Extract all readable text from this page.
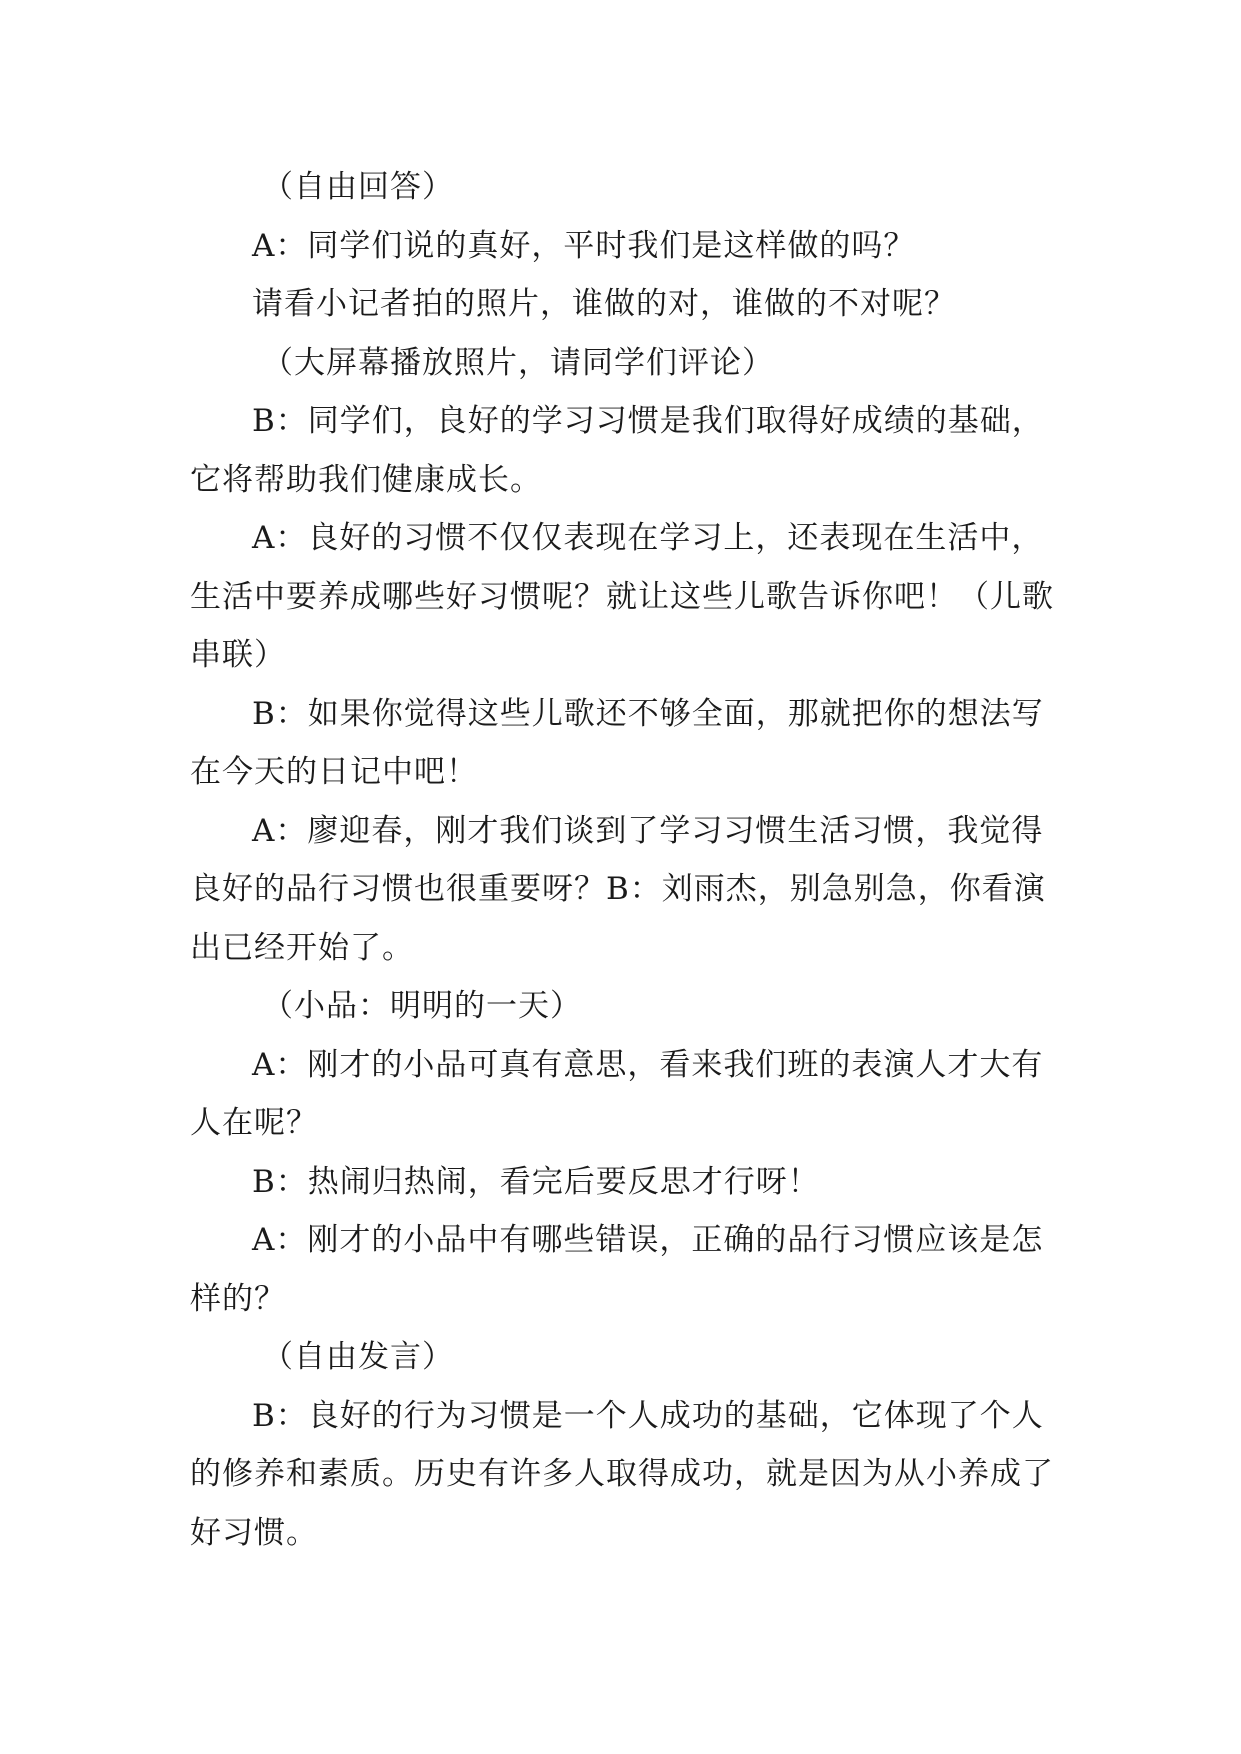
（自由回答）

A：同学们说的真好，平时我们是这样做的吗？

请看小记者拍的照片，谁做的对，谁做的不对呢？

（大屏幕播放照片，请同学们评论）

B：同学们，良好的学习习惯是我们取得好成绩的基础，它将帮助我们健康成长。

A：良好的习惯不仅仅表现在学习上，还表现在生活中，生活中要养成哪些好习惯呢？就让这些儿歌告诉你吧！（儿歌串联）

B：如果你觉得这些儿歌还不够全面，那就把你的想法写在今天的日记中吧！

A：廖迎春，刚才我们谈到了学习习惯生活习惯，我觉得良好的品行习惯也很重要呀？B：刘雨杰，别急别急，你看演出已经开始了。

（小品：明明的一天）

A：刚才的小品可真有意思，看来我们班的表演人才大有人在呢？

B：热闹归热闹，看完后要反思才行呀！

A：刚才的小品中有哪些错误，正确的品行习惯应该是怎样的？

（自由发言）

B：良好的行为习惯是一个人成功的基础，它体现了个人的修养和素质。历史有许多人取得成功，就是因为从小养成了好习惯。
